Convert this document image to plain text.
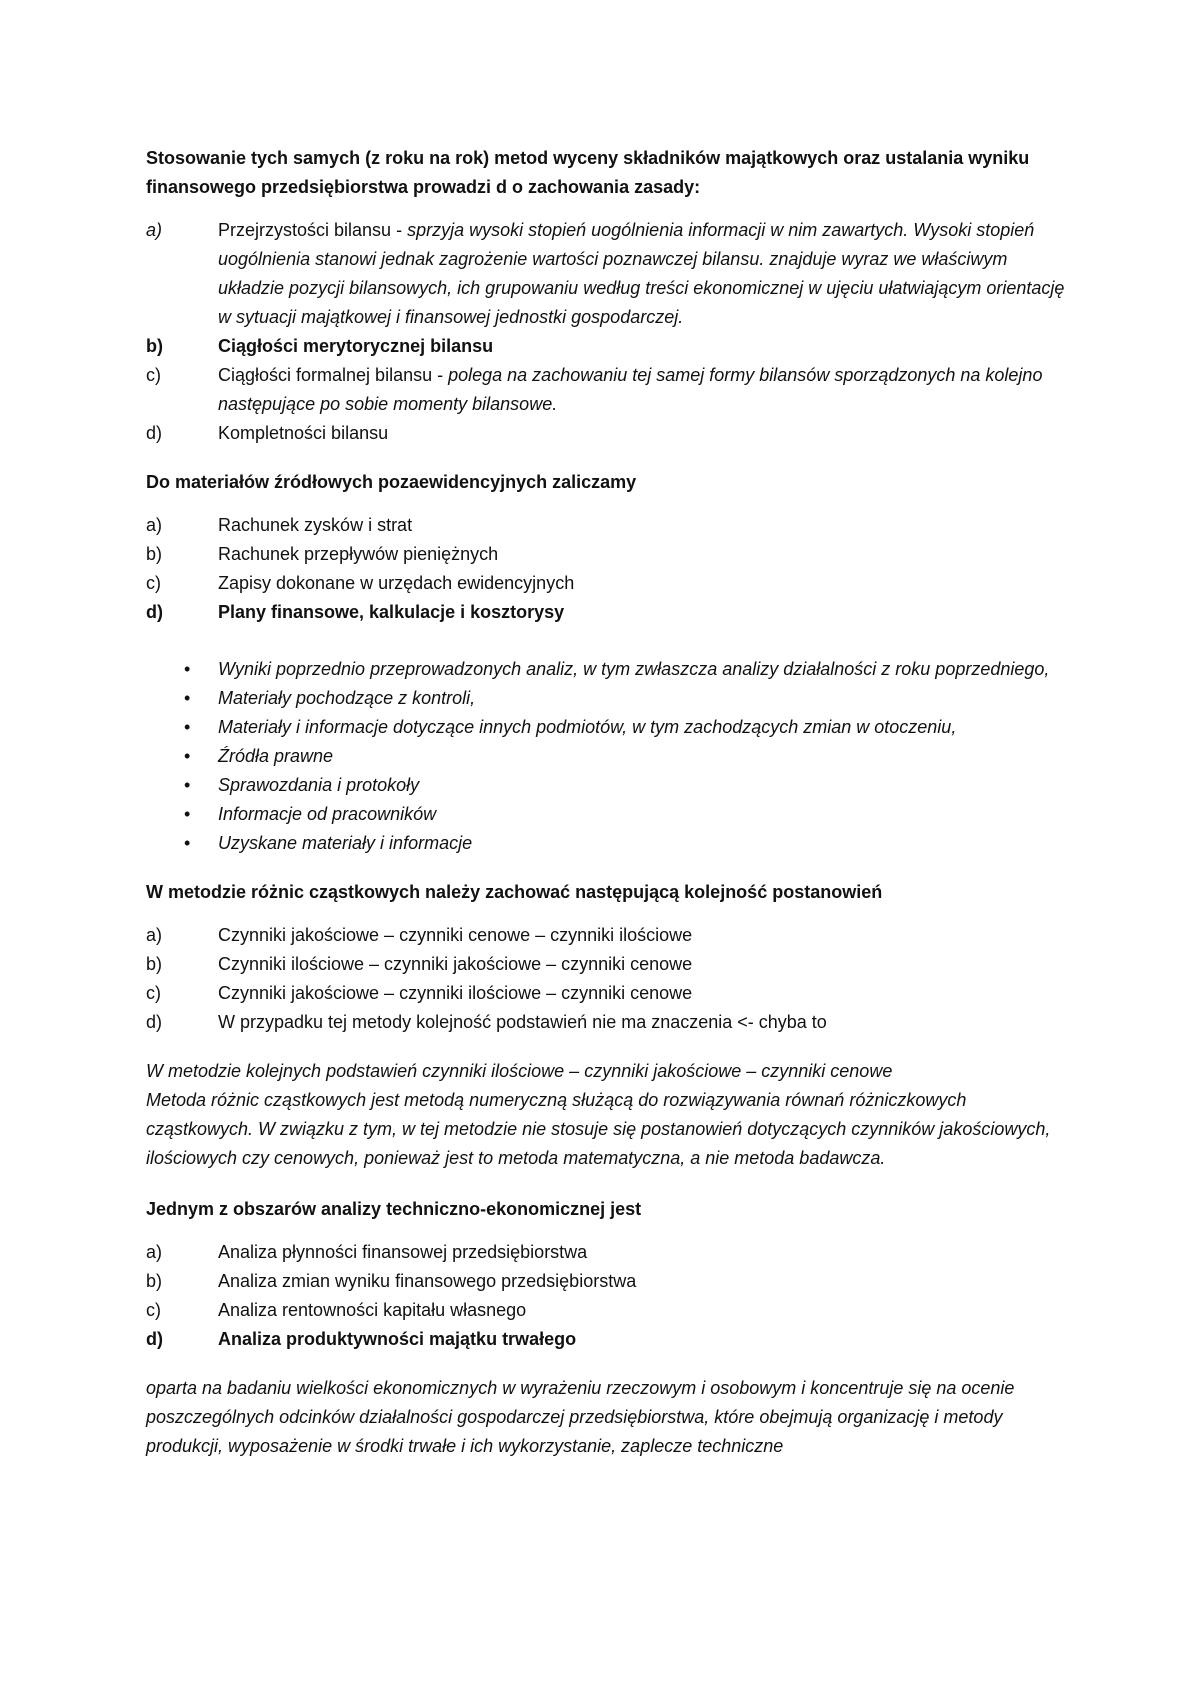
Stosowanie tych samych (z roku na rok) metod wyceny składników majątkowych oraz ustalania wyniku finansowego przedsiębiorstwa prowadzi d o zachowania zasady:

a)	Przejrzystości bilansu - sprzyja wysoki stopień uogólnienia informacji w nim zawartych. Wysoki stopień uogólnienia stanowi jednak zagrożenie wartości poznawczej bilansu. znajduje wyraz we właściwym układzie pozycji bilansowych, ich grupowaniu według treści ekonomicznej w ujęciu ułatwiającym orientację w sytuacji majątkowej i finansowej jednostki gospodarczej.
b)	Ciągłości merytorycznej bilansu
c)	Ciągłości formalnej bilansu - polega na zachowaniu tej samej formy bilansów sporządzonych na kolejno następujące po sobie momenty bilansowe.
d)	Kompletności bilansu

Do materiałów źródłowych pozaewidencyjnych zaliczamy

a)	Rachunek zysków i strat
b)	Rachunek przepływów pieniężnych
c)	Zapisy dokonane w urzędach ewidencyjnych
d)	Plany finansowe, kalkulacje i kosztorysy
•	Wyniki poprzednio przeprowadzonych analiz, w tym zwłaszcza analizy działalności z roku poprzedniego,
•	Materiały pochodzące z kontroli,
•	Materiały i informacje dotyczące innych podmiotów, w tym zachodzących zmian w otoczeniu,
•	Źródła prawne
•	Sprawozdania i protokoły
•	Informacje od pracowników
•	Uzyskane materiały i informacje

W metodzie różnic cząstkowych należy zachować następującą kolejność postanowień

a)	Czynniki jakościowe – czynniki cenowe – czynniki ilościowe
b)	Czynniki ilościowe – czynniki jakościowe – czynniki cenowe
c)	Czynniki jakościowe – czynniki ilościowe – czynniki cenowe
d)	W przypadku tej metody kolejność podstawień nie ma znaczenia <- chyba to

W metodzie kolejnych podstawień czynniki ilościowe – czynniki jakościowe – czynniki cenowe
Metoda różnic cząstkowych jest metodą numeryczną służącą do rozwiązywania równań różniczkowych cząstkowych. W związku z tym, w tej metodzie nie stosuje się postanowień dotyczących czynników jakościowych, ilościowych czy cenowych, ponieważ jest to metoda matematyczna, a nie metoda badawcza.

Jednym z obszarów analizy techniczno-ekonomicznej jest

a)	Analiza płynności finansowej przedsiębiorstwa
b)	Analiza zmian wyniku finansowego przedsiębiorstwa
c)	Analiza rentowności kapitału własnego
d)	Analiza produktywności majątku trwałego

oparta na badaniu wielkości ekonomicznych w wyrażeniu rzeczowym i osobowym i koncentruje się na ocenie poszczególnych odcinków działalności gospodarczej przedsiębiorstwa, które obejmują organizację i metody produkcji, wyposażenie w środki trwałe i ich wykorzystanie, zaplecze techniczne
